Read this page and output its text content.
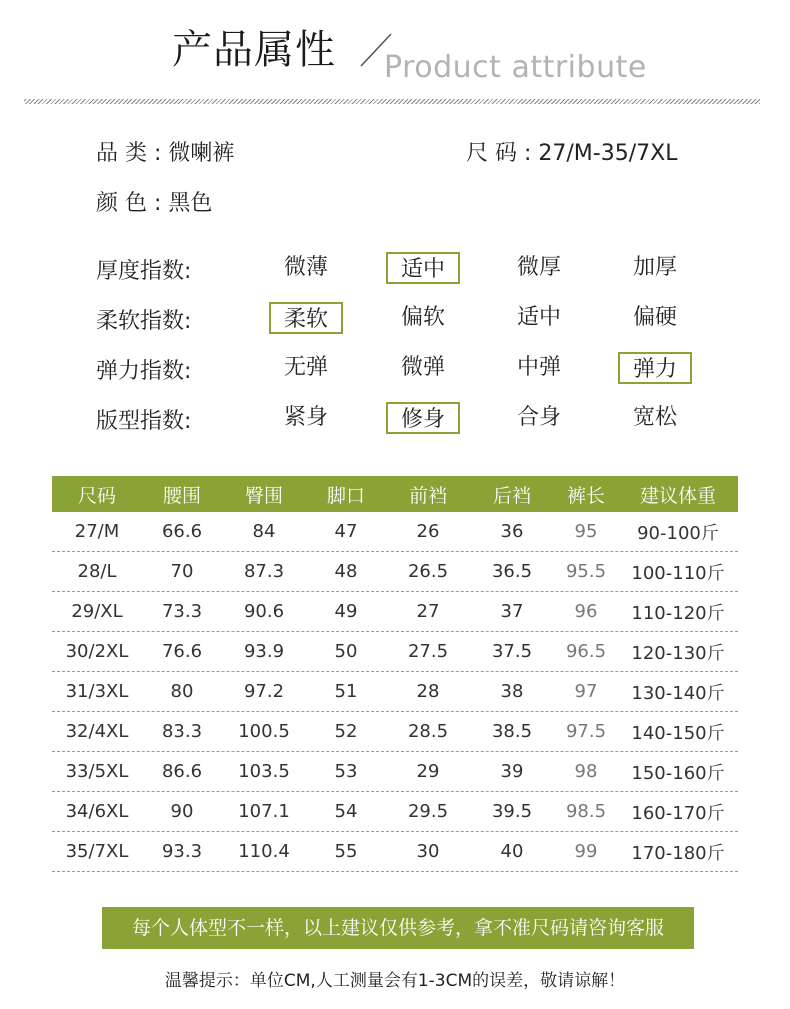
产品属性 Product attribute
品 类 : 微喇裤	尺 码 : 27/M-35/7XL
颜 色 : 黑色
厚度指数:	微薄	适中	微厚	加厚
柔软指数:	柔软	偏软	适中	偏硬
弹力指数:	无弹	微弹	中弹	弹力
版型指数:	紧身	修身	合身	宽松
尺码	腰围	臀围	脚口	前裆	后裆	裤长	建议体重
27/M	66.6	84	47	26	36	95	90-100斤
28/L	70	87.3	48	26.5	36.5	95.5	100-110斤
29/XL	73.3	90.6	49	27	37	96	110-120斤
30/2XL	76.6	93.9	50	27.5	37.5	96.5	120-130斤
31/3XL	80	97.2	51	28	38	97	130-140斤
32/4XL	83.3	100.5	52	28.5	38.5	97.5	140-150斤
33/5XL	86.6	103.5	53	29	39	98	150-160斤
34/6XL	90	107.1	54	29.5	39.5	98.5	160-170斤
35/7XL	93.3	110.4	55	30	40	99	170-180斤
每个人体型不一样，以上建议仅供参考，拿不准尺码请咨询客服
温馨提示：单位CM,人工测量会有1-3CM的误差，敬请谅解！
